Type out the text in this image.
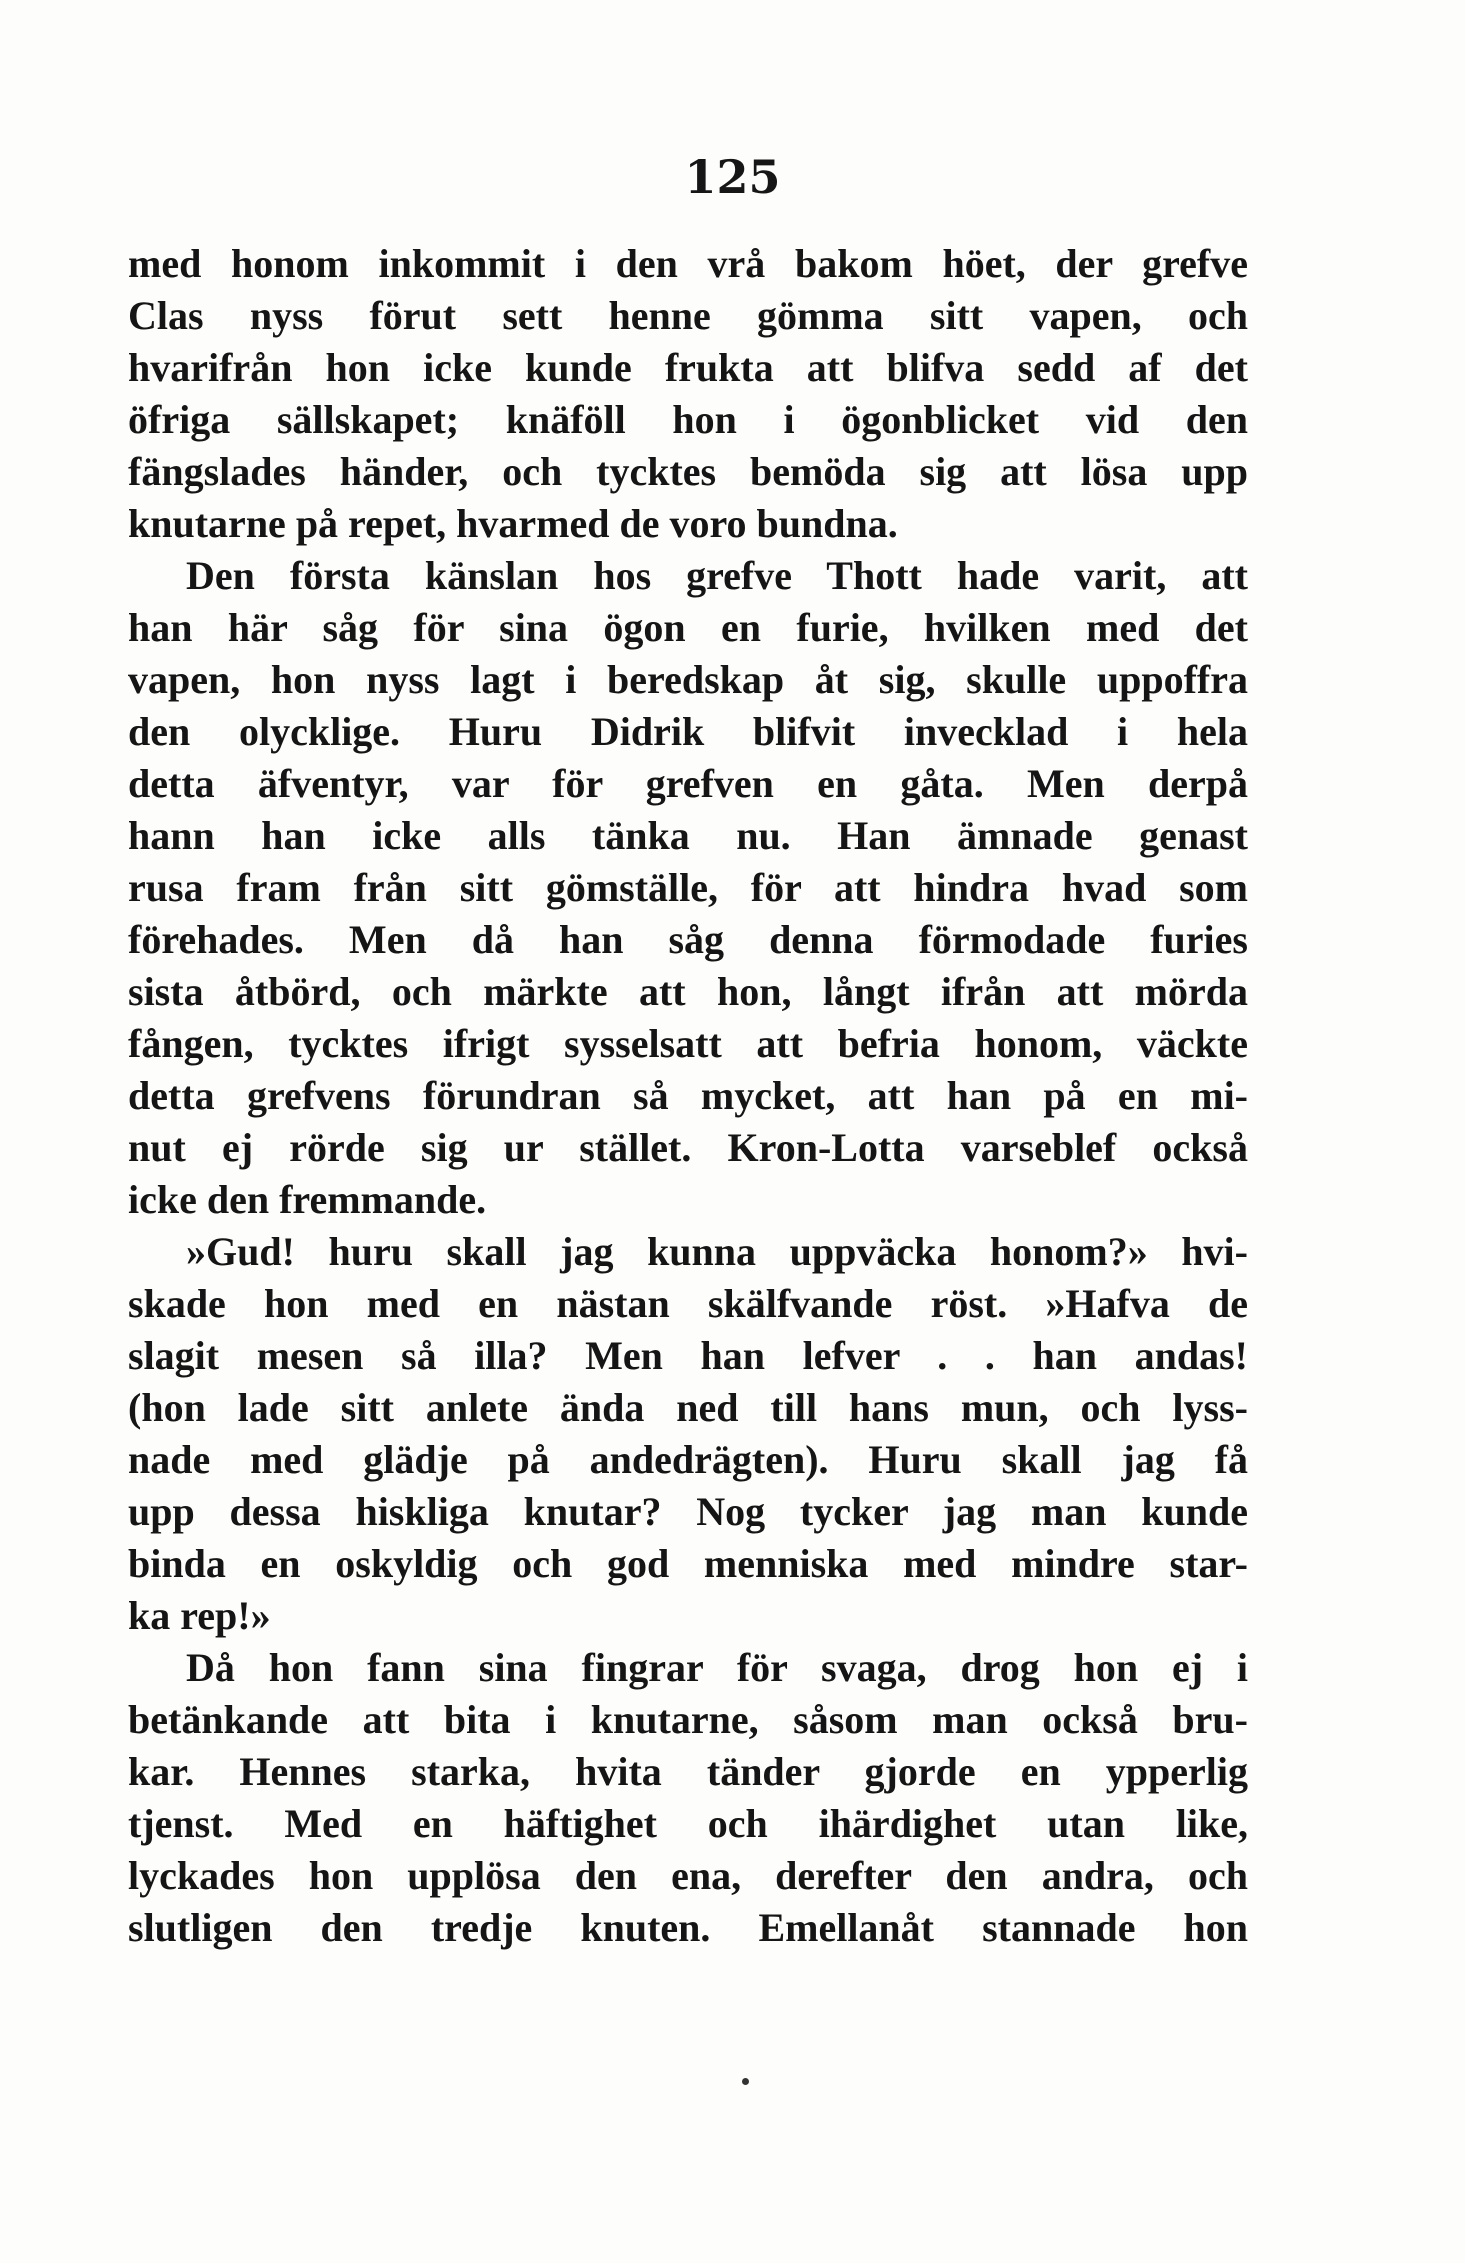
125
med honom inkommit i den vrå bakom höet, der grefve
Clas nyss förut sett henne gömma sitt vapen, och
hvarifrån hon icke kunde frukta att blifva sedd af det
öfriga sällskapet; knäföll hon i ögonblicket vid den
fängslades händer, och tycktes bemöda sig att lösa upp
knutarne på repet, hvarmed de voro bundna.
Den första känslan hos grefve Thott hade varit, att
han här såg för sina ögon en furie, hvilken med det
vapen, hon nyss lagt i beredskap åt sig, skulle uppoffra
den olycklige. Huru Didrik blifvit invecklad i hela
detta äfventyr, var för grefven en gåta. Men derpå
hann han icke alls tänka nu. Han ämnade genast
rusa fram från sitt gömställe, för att hindra hvad som
förehades. Men då han såg denna förmodade furies
sista åtbörd, och märkte att hon, långt ifrån att mörda
fången, tycktes ifrigt sysselsatt att befria honom, väckte
detta grefvens förundran så mycket, att han på en mi-
nut ej rörde sig ur stället. Kron-Lotta varseblef också
icke den fremmande.
»Gud! huru skall jag kunna uppväcka honom?» hvi-
skade hon med en nästan skälfvande röst. »Hafva de
slagit mesen så illa? Men han lefver . . han andas!
(hon lade sitt anlete ända ned till hans mun, och lyss-
nade med glädje på andedrägten). Huru skall jag få
upp dessa hiskliga knutar? Nog tycker jag man kunde
binda en oskyldig och god menniska med mindre star-
ka rep!»
Då hon fann sina fingrar för svaga, drog hon ej i
betänkande att bita i knutarne, såsom man också bru-
kar. Hennes starka, hvita tänder gjorde en ypperlig
tjenst. Med en häftighet och ihärdighet utan like,
lyckades hon upplösa den ena, derefter den andra, och
slutligen den tredje knuten. Emellanåt stannade hon
